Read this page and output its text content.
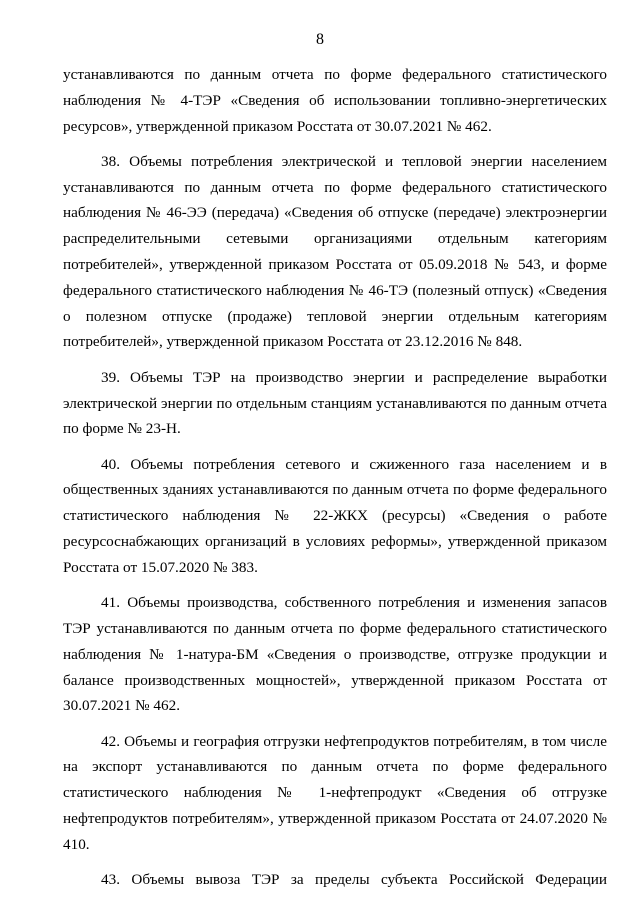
8

устанавливаются по данным отчета по форме федерального статистического наблюдения № 4-ТЭР «Сведения об использовании топливно-энергетических ресурсов», утвержденной приказом Росстата от 30.07.2021 № 462.

38. Объемы потребления электрической и тепловой энергии населением устанавливаются по данным отчета по форме федерального статистического наблюдения № 46-ЭЭ (передача) «Сведения об отпуске (передаче) электроэнергии распределительными сетевыми организациями отдельным категориям потребителей», утвержденной приказом Росстата от 05.09.2018 № 543, и форме федерального статистического наблюдения № 46-ТЭ (полезный отпуск) «Сведения о полезном отпуске (продаже) тепловой энергии отдельным категориям потребителей», утвержденной приказом Росстата от 23.12.2016 № 848.

39. Объемы ТЭР на производство энергии и распределение выработки электрической энергии по отдельным станциям устанавливаются по данным отчета по форме № 23-Н.

40. Объемы потребления сетевого и сжиженного газа населением и в общественных зданиях устанавливаются по данным отчета по форме федерального статистического наблюдения № 22-ЖКХ (ресурсы) «Сведения о работе ресурсоснабжающих организаций в условиях реформы», утвержденной приказом Росстата от 15.07.2020 № 383.

41. Объемы производства, собственного потребления и изменения запасов ТЭР устанавливаются по данным отчета по форме федерального статистического наблюдения № 1-натура-БМ «Сведения о производстве, отгрузке продукции и балансе производственных мощностей», утвержденной приказом Росстата от 30.07.2021 № 462.

42. Объемы и география отгрузки нефтепродуктов потребителям, в том числе на экспорт устанавливаются по данным отчета по форме федерального статистического наблюдения № 1-нефтепродукт «Сведения об отгрузке нефтепродуктов потребителям», утвержденной приказом Росстата от 24.07.2020 № 410.

43. Объемы вывоза ТЭР за пределы субъекта Российской Федерации
